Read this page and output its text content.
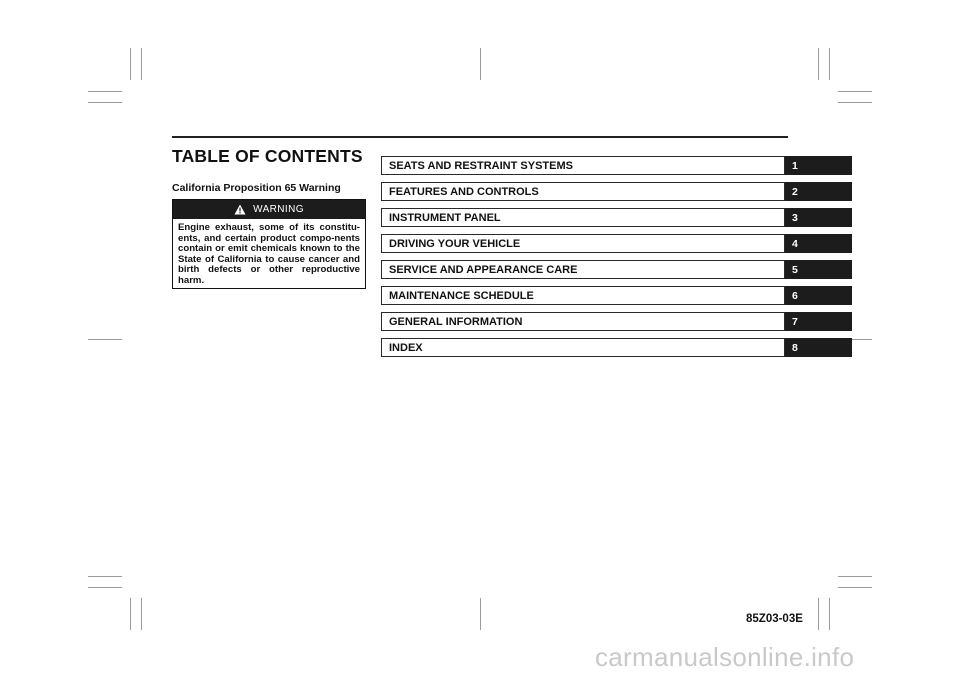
TABLE OF CONTENTS
California Proposition 65 Warning
WARNING
Engine exhaust, some of its constitu-ents, and certain product compo-nents contain or emit chemicals known to the State of California to cause cancer and birth defects or other reproductive harm.
SEATS AND RESTRAINT SYSTEMS	1
FEATURES AND CONTROLS	2
INSTRUMENT PANEL	3
DRIVING YOUR VEHICLE	4
SERVICE AND APPEARANCE CARE	5
MAINTENANCE SCHEDULE	6
GENERAL INFORMATION	7
INDEX	8
85Z03-03E
carmanualsonline.info
